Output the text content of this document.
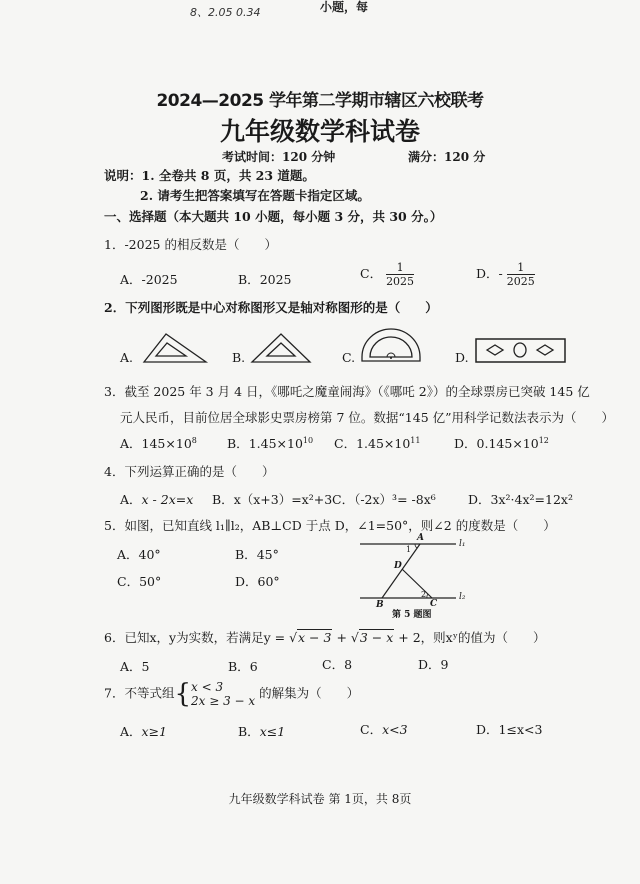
8、2.05 0.34	小题，每
2024—2025 学年第二学期市辖区六校联考
九年级数学科试卷
考试时间：120 分钟	满分：120 分
说明：1. 全卷共 8 页，共 23 道题。
2. 请考生把答案填写在答题卡指定区域。
一、选择题（本大题共 10 小题，每小题 3 分，共 30 分。）
1．-2025 的相反数是（　　）
A．-2025	B．2025	C． $\frac{1}{2025}$	D．- $\frac{1}{2025}$
2．下列图形既是中心对称图形又是轴对称图形的是（　　）
A.	B.	C.	D.
3．截至 2025 年 3 月 4 日，《哪吒之魔童闹海》（《哪吒 2》）的全球票房已突破 145 亿
元人民币，目前位居全球影史票房榜第 7 位。数据“145 亿”用科学记数法表示为（　　）
A．$145\times 10^8$ B．$1.45\times 10^{10}$ C．$1.45\times 10^{11}$	D．$0.145\times 10^{12}$
4．下列运算正确的是（　　）
A．x - 2x=x B．x（x+3）=x²+3 C．（-2x）³= -8x⁶	D．3x²·4x²=12x²
5．如图，已知直线 l₁∥l₂，AB⊥CD 于点 D，∠1=50°，则∠2 的度数是（　　）
A．40°	B．45°
C．50°	D．60°
A
B	C
D
1
2
l₁
l₂
第 5 题图
6．已知x，y为实数，若满足y = √x − 3 + √3 − x + 2，则xʸ的值为（　　）
A．5	B．6	C．8	D．9
7．不等式组{ x < 3
2x ≥ 3 − x
的解集为（　　）
A．x≥1	B．x≤1	C．x<3	D．1≤x<3
九年级数学科试卷 第 1页，共 8页
